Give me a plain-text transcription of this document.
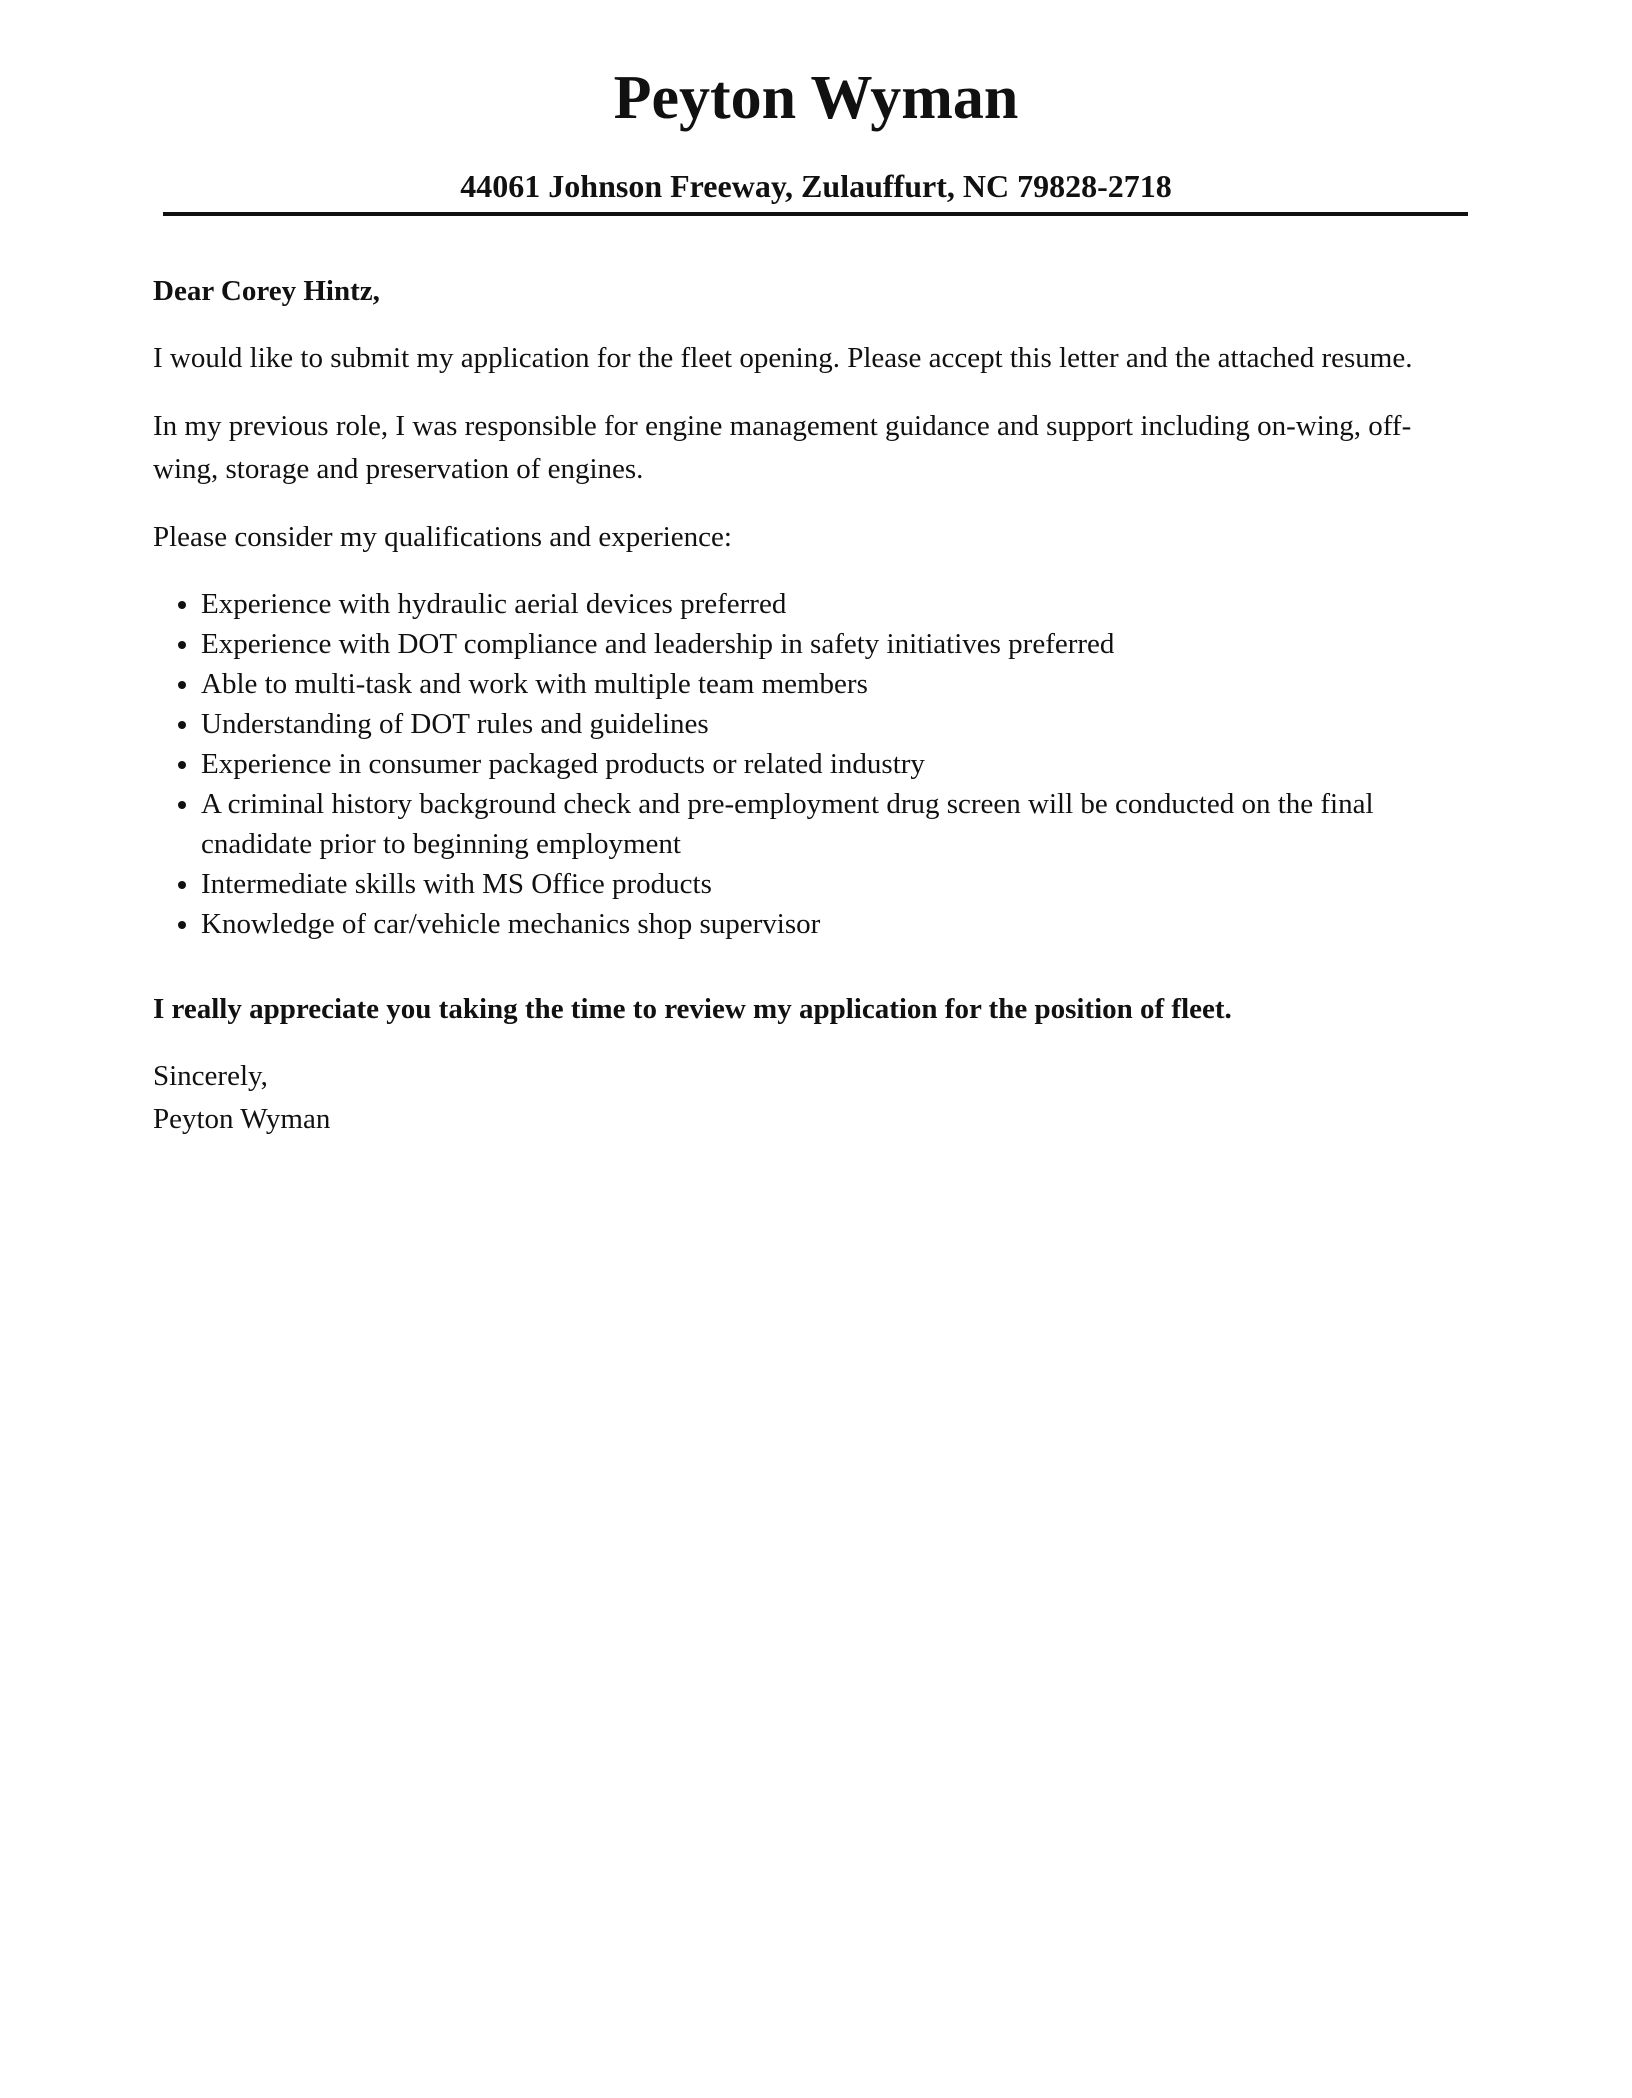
Peyton Wyman
44061 Johnson Freeway, Zulauffurt, NC 79828-2718

Dear Corey Hintz,

I would like to submit my application for the fleet opening. Please accept this letter and the attached resume.

In my previous role, I was responsible for engine management guidance and support including on-wing, off-wing, storage and preservation of engines.

Please consider my qualifications and experience:

• Experience with hydraulic aerial devices preferred
• Experience with DOT compliance and leadership in safety initiatives preferred
• Able to multi-task and work with multiple team members
• Understanding of DOT rules and guidelines
• Experience in consumer packaged products or related industry
• A criminal history background check and pre-employment drug screen will be conducted on the final cnadidate prior to beginning employment
• Intermediate skills with MS Office products
• Knowledge of car/vehicle mechanics shop supervisor

I really appreciate you taking the time to review my application for the position of fleet.

Sincerely,

Peyton Wyman
